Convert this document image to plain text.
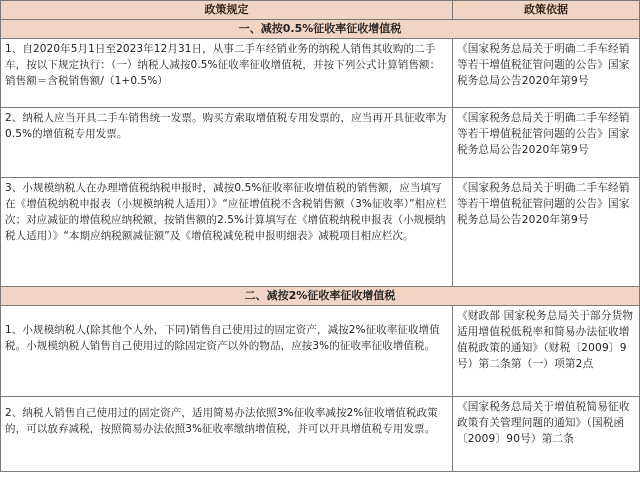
政策规定	政策依据
一、减按0.5%征收率征收增值税	
1、自2020年5月1日至2023年12月31日，从事二手车经销业务的纳税人销售其收购的二手车，按以下规定执行：（一）纳税人减按0.5%征收率征收增值税，并按下列公式计算销售额：销售额＝含税销售额/（1+0.5%）	《国家税务总局关于明确二手车经销等若干增值税征管问题的公告》国家税务总局公告2020年第9号
2、纳税人应当开具二手车销售统一发票。购买方索取增值税专用发票的，应当再开具征收率为0.5%的增值税专用发票。	《国家税务总局关于明确二手车经销等若干增值税征管问题的公告》国家税务总局公告2020年第9号
3、小规模纳税人在办理增值税纳税申报时，减按0.5%征收率征收增值税的销售额，应当填写在《增值税纳税申报表（小规模纳税人适用）》“应征增值税不含税销售额（3%征收率）”相应栏次；对应减征的增值税应纳税额，按销售额的2.5%计算填写在《增值税纳税申报表（小规模纳税人适用）》“本期应纳税额减征额”及《增值税减免税申报明细表》减税项目相应栏次。	《国家税务总局关于明确二手车经销等若干增值税征管问题的公告》国家税务总局公告2020年第9号
二、减按2%征收率征收增值税	
1、小规模纳税人(除其他个人外，下同)销售自己使用过的固定资产，减按2%征收率征收增值税。小规模纳税人销售自己使用过的除固定资产以外的物品，应按3%的征收率征收增值税。	《财政部 国家税务总局关于部分货物适用增值税低税率和简易办法征收增值税政策的通知》（财税〔2009〕9号）第二条第（一）项第2点
2、纳税人销售自己使用过的固定资产，适用简易办法依照3%征收率减按2%征收增值税政策的，可以放弃减税，按照简易办法依照3%征收率缴纳增值税，并可以开具增值税专用发票。	《国家税务总局关于增值税简易征收政策有关管理问题的通知》（国税函〔2009〕90号）第二条
